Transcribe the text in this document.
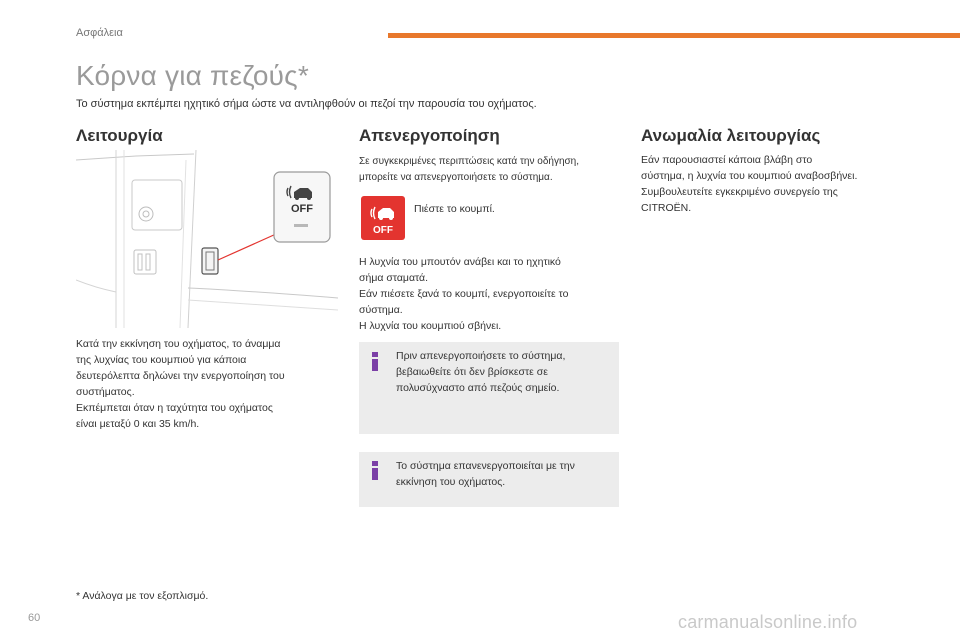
Ασφάλεια
Κόρνα για πεζούς*

Το σύστημα εκπέμπει ηχητικό σήμα ώστε να αντιληφθούν οι πεζοί την παρουσία του οχήματος.

Λειτουργία
OFF
Κατά την εκκίνηση του οχήματος, το άναμμα
της λυχνίας του κουμπιού για κάποια
δευτερόλεπτα δηλώνει την ενεργοποίηση του
συστήματος.
Εκπέμπεται όταν η ταχύτητα του οχήματος
είναι μεταξύ 0 και 35 km/h.
Απενεργοποίηση
Σε συγκεκριμένες περιπτώσεις κατά την οδήγηση,
μπορείτε να απενεργοποιήσετε το σύστημα.
OFF
Πιέστε το κουμπί.
Η λυχνία του μπουτόν ανάβει και το ηχητικό
σήμα σταματά.
Εάν πιέσετε ξανά το κουμπί, ενεργοποιείτε το
σύστημα.
Η λυχνία του κουμπιού σβήνει.
Πριν απενεργοποιήσετε το σύστημα,
βεβαιωθείτε ότι δεν βρίσκεστε σε
πολυσύχναστο από πεζούς σημείο.
Το σύστημα επανενεργοποιείται με την
εκκίνηση του οχήματος.
Ανωμαλία λειτουργίας
Εάν παρουσιαστεί κάποια βλάβη στο
σύστημα, η λυχνία του κουμπιού αναβοσβήνει.
Συμβουλευτείτε εγκεκριμένο συνεργείο της
CITROËN.
* Ανάλογα με τον εξοπλισμό.
60	carmanualsonline.info
